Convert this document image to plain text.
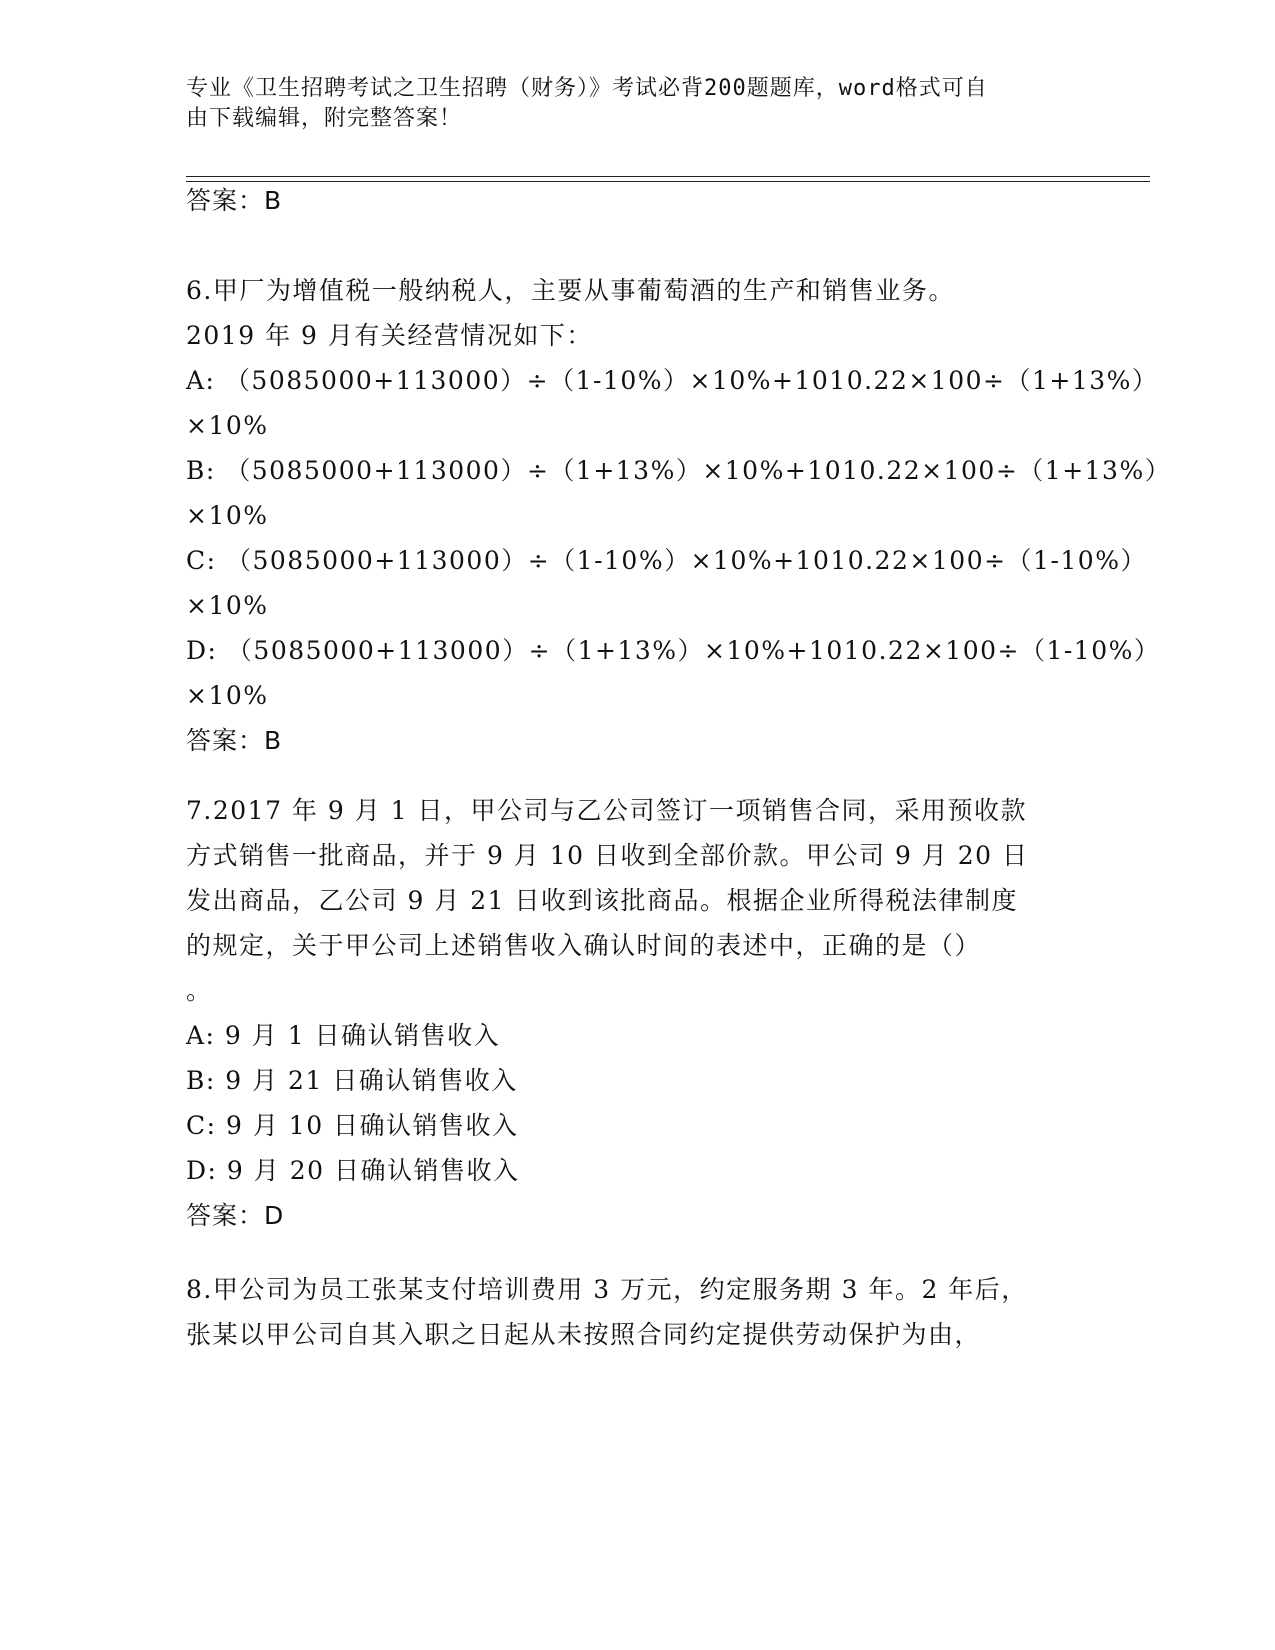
专业《卫生招聘考试之卫生招聘（财务）》考试必背200题题库，word格式可自
由下载编辑，附完整答案！
答案：B
6.甲厂为增值税一般纳税人，主要从事葡萄酒的生产和销售业务。
2019 年 9 月有关经营情况如下：
A: （5085000+113000）÷（1-10%）×10%+1010.22×100÷（1+13%）
×10%
B: （5085000+113000）÷（1+13%）×10%+1010.22×100÷（1+13%）
×10%
C: （5085000+113000）÷（1-10%）×10%+1010.22×100÷（1-10%）
×10%
D: （5085000+113000）÷（1+13%）×10%+1010.22×100÷（1-10%）
×10%
答案：B
7.2017 年 9 月 1 日，甲公司与乙公司签订一项销售合同，采用预收款
方式销售一批商品，并于 9 月 10 日收到全部价款。甲公司 9 月 20 日
发出商品，乙公司 9 月 21 日收到该批商品。根据企业所得税法律制度
的规定，关于甲公司上述销售收入确认时间的表述中，正确的是（）
。
A: 9 月 1 日确认销售收入
B: 9 月 21 日确认销售收入
C: 9 月 10 日确认销售收入
D: 9 月 20 日确认销售收入
答案：D
8.甲公司为员工张某支付培训费用 3 万元，约定服务期 3 年。2 年后，
张某以甲公司自其入职之日起从未按照合同约定提供劳动保护为由，
